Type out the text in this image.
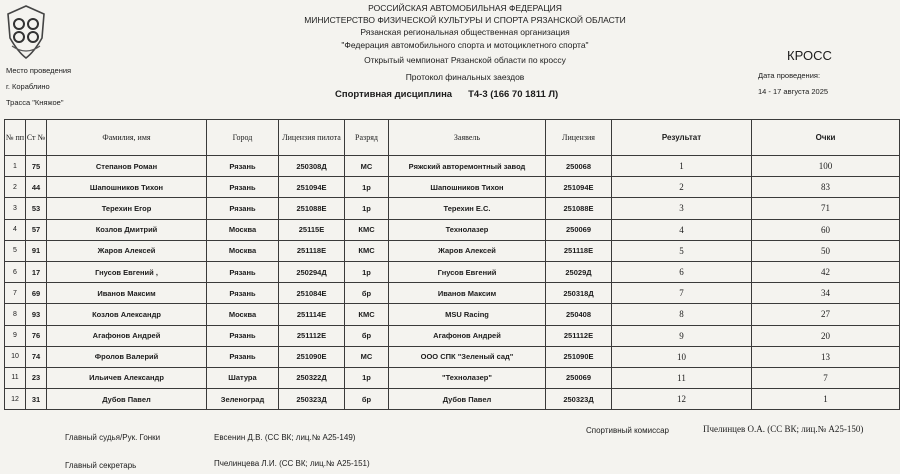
Место проведения
г. Кораблино
Трасса "Княжое"
РОССИЙСКАЯ АВТОМОБИЛЬНАЯ ФЕДЕРАЦИЯ
МИНИСТЕРСТВО ФИЗИЧЕСКОЙ КУЛЬТУРЫ И СПОРТА РЯЗАНСКОЙ ОБЛАСТИ
Рязанская региональная общественная организация
"Федерация автомобильного спорта и мотоциклетного спорта"
Открытый чемпионат Рязанской области по кроссу
Протокол финальных заездов
Спортивная дисциплина Т4-3 (166 70 1811 Л)
КРОСС
Дата проведения:
14 - 17 августа 2025
№ пп	Ст №	Фамилия, имя	Город	Лицензия пилота	Разряд	Заявель	Лицензия	Результат	Очки
1	75	Степанов Роман	Рязань	250308Д	МС	Ряжский авторемонтный завод	250068	1	100
2	44	Шапошников Тихон	Рязань	251094Е	1р	Шапошников Тихон	251094Е	2	83
3	53	Терехин Егор	Рязань	251088Е	1р	Терехин Е.С.	251088Е	3	71
4	57	Козлов Дмитрий	Москва	25115Е	КМС	Технолазер	250069	4	60
5	91	Жаров Алексей	Москва	251118Е	КМС	Жаров Алексей	251118Е	5	50
6	17	Гнусов Евгений ,	Рязань	250294Д	1р	Гнусов Евгений	25029Д	6	42
7	69	Иванов Максим	Рязань	251084Е	бр	Иванов Максим	250318Д	7	34
8	93	Козлов Александр	Москва	251114Е	КМС	MSU Racing	250408	8	27
9	76	Агафонов Андрей	Рязань	251112Е	бр	Агафонов Андрей	251112Е	9	20
10	74	Фролов Валерий	Рязань	251090Е	МС	ООО СПК "Зеленый сад"	251090Е	10	13
11	23	Ильичев Александр	Шатура	250322Д	1р	"Технолазер"	250069	11	7
12	31	Дубов Павел	Зеленоград	250323Д	бр	Дубов Павел	250323Д	12	1
Главный судья/Рук. Гонки	Евсенин Д.В. (СС ВК; лиц.№ А25-149)
Главный секретарь	Пчелинцева Л.И. (СС ВК; лиц.№ А25-151)
Спортивный комиссар	Пчелинцев О.А. (СС ВК; лиц.№ А25-150)
